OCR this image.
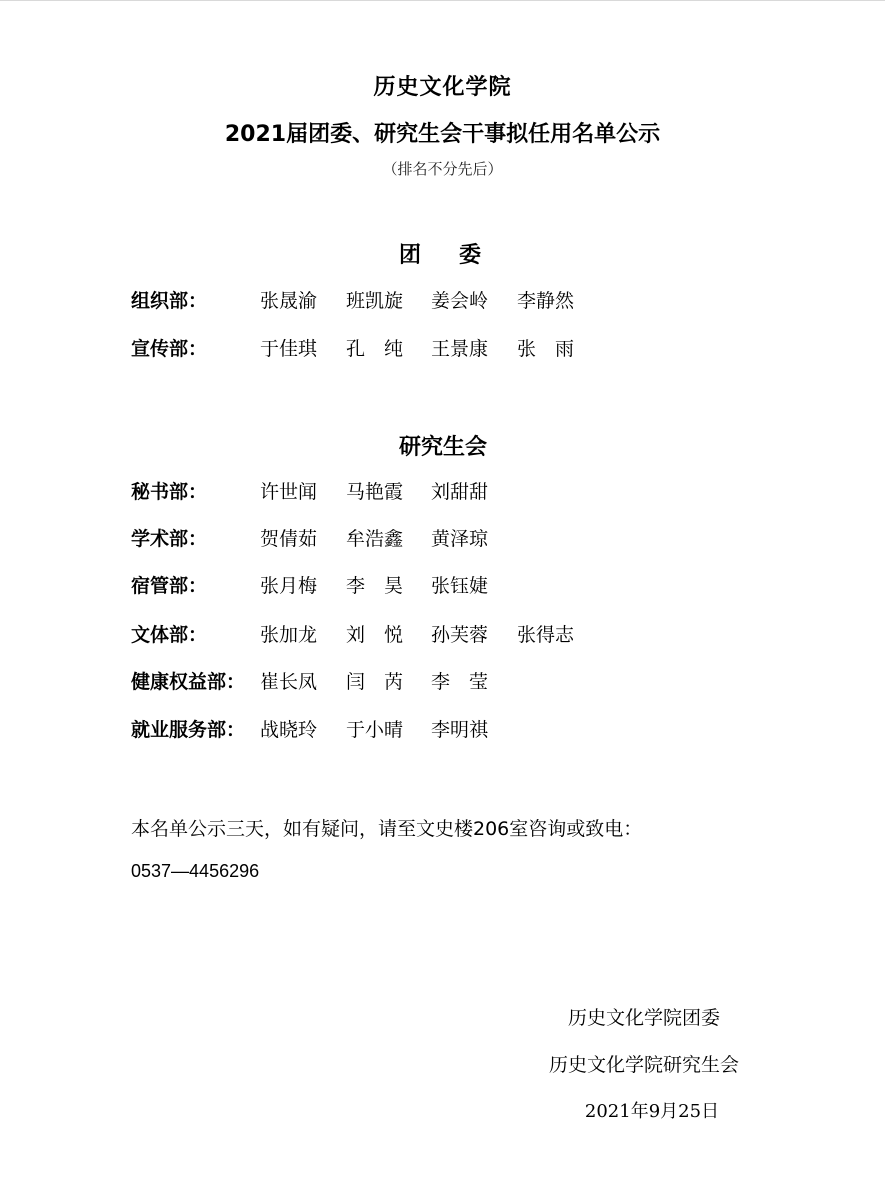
历史文化学院
2021届团委、研究生会干事拟任用名单公示
（排名不分先后）
团委
组织部：	张晟渝 班凯旋 姜会岭 李静然
宣传部：	于佳琪 孔　纯 王景康 张　雨
研究生会
秘书部：	许世闻 马艳霞 刘甜甜
学术部：	贺倩茹 牟浩鑫 黄泽琼
宿管部：	张月梅 李　昊 张钰婕
文体部：	张加龙 刘　悦 孙芙蓉 张得志
健康权益部： 崔长凤 闫　芮 李　莹
就业服务部： 战晓玲 于小晴 李明祺
本名单公示三天，如有疑问，请至文史楼206室咨询或致电：
0537—4456296
历史文化学院团委
历史文化学院研究生会
2021年9月25日
